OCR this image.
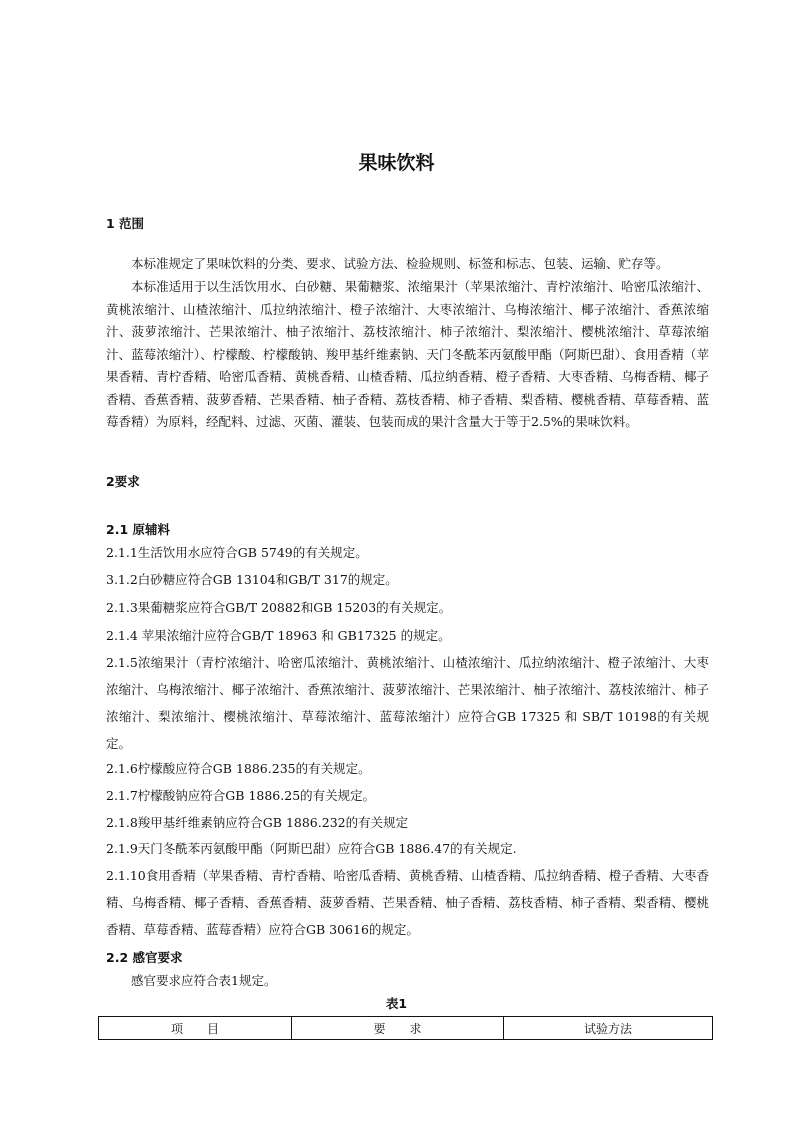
果味饮料
1 范围

本标准规定了果味饮料的分类、要求、试验方法、检验规则、标签和标志、包装、运输、贮存等。

本标准适用于以生活饮用水、白砂糖、果葡糖浆、浓缩果汁（苹果浓缩汁、青柠浓缩汁、哈密瓜浓缩汁、黄桃浓缩汁、山楂浓缩汁、瓜拉纳浓缩汁、橙子浓缩汁、大枣浓缩汁、乌梅浓缩汁、椰子浓缩汁、香蕉浓缩汁、菠萝浓缩汁、芒果浓缩汁、柚子浓缩汁、荔枝浓缩汁、柿子浓缩汁、梨浓缩汁、樱桃浓缩汁、草莓浓缩汁、蓝莓浓缩汁）、柠檬酸、柠檬酸钠、羧甲基纤维素钠、天门冬酰苯丙氨酸甲酯（阿斯巴甜）、食用香精（苹果香精、青柠香精、哈密瓜香精、黄桃香精、山楂香精、瓜拉纳香精、橙子香精、大枣香精、乌梅香精、椰子香精、香蕉香精、菠萝香精、芒果香精、柚子香精、荔枝香精、柿子香精、梨香精、樱桃香精、草莓香精、蓝莓香精）为原料，经配料、过滤、灭菌、灌装、包装而成的果汁含量大于等于2.5%的果味饮料。

2要求
2.1 原辅料

2.1.1生活饮用水应符合GB 5749的有关规定。

3.1.2白砂糖应符合GB 13104和GB/T 317的规定。

2.1.3果葡糖浆应符合GB/T 20882和GB 15203的有关规定。

2.1.4 苹果浓缩汁应符合GB/T 18963 和 GB17325 的规定。

2.1.5浓缩果汁（青柠浓缩汁、哈密瓜浓缩汁、黄桃浓缩汁、山楂浓缩汁、瓜拉纳浓缩汁、橙子浓缩汁、大枣浓缩汁、乌梅浓缩汁、椰子浓缩汁、香蕉浓缩汁、菠萝浓缩汁、芒果浓缩汁、柚子浓缩汁、荔枝浓缩汁、柿子浓缩汁、梨浓缩汁、樱桃浓缩汁、草莓浓缩汁、蓝莓浓缩汁）应符合GB 17325 和 SB/T 10198的有关规定。

2.1.6柠檬酸应符合GB 1886.235的有关规定。

2.1.7柠檬酸钠应符合GB 1886.25的有关规定。

2.1.8羧甲基纤维素钠应符合GB 1886.232的有关规定

2.1.9天门冬酰苯丙氨酸甲酯（阿斯巴甜）应符合GB 1886.47的有关规定.

2.1.10食用香精（苹果香精、青柠香精、哈密瓜香精、黄桃香精、山楂香精、瓜拉纳香精、橙子香精、大枣香精、乌梅香精、椰子香精、香蕉香精、菠萝香精、芒果香精、柚子香精、荔枝香精、柿子香精、梨香精、樱桃香精、草莓香精、蓝莓香精）应符合GB 30616的规定。

2.2 感官要求
感官要求应符合表1规定。
表1
项　　目	要　　求	试验方法
